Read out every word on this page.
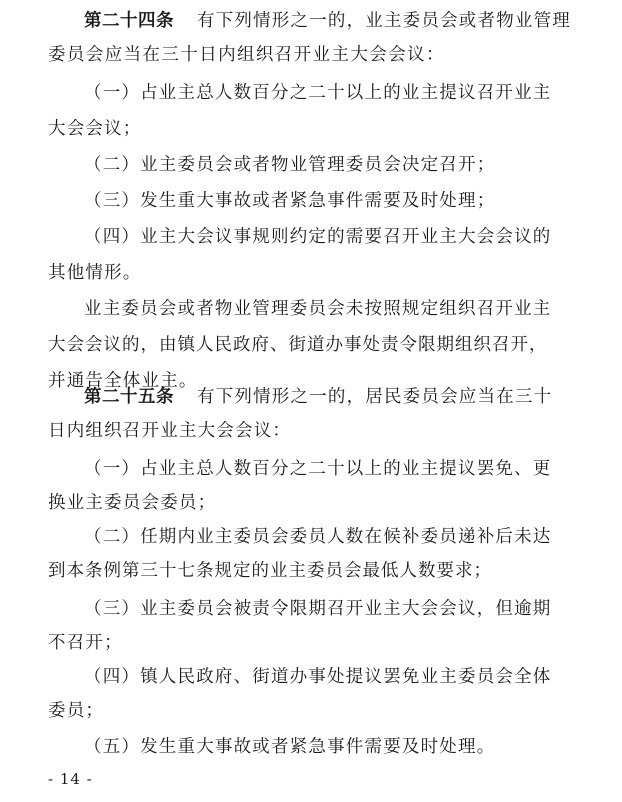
第二十四条 有下列情形之一的，业主委员会或者物业管理
委员会应当在三十日内组织召开业主大会会议：
（一）占业主总人数百分之二十以上的业主提议召开业主
大会会议；
（二）业主委员会或者物业管理委员会决定召开；
（三）发生重大事故或者紧急事件需要及时处理；
（四）业主大会议事规则约定的需要召开业主大会会议的
其他情形。
业主委员会或者物业管理委员会未按照规定组织召开业主
大会会议的，由镇人民政府、街道办事处责令限期组织召开，
并通告全体业主。
第二十五条 有下列情形之一的，居民委员会应当在三十
日内组织召开业主大会会议：
（一）占业主总人数百分之二十以上的业主提议罢免、更
换业主委员会委员；
（二）任期内业主委员会委员人数在候补委员递补后未达
到本条例第三十七条规定的业主委员会最低人数要求；
（三）业主委员会被责令限期召开业主大会会议，但逾期
不召开；
（四）镇人民政府、街道办事处提议罢免业主委员会全体
委员；
- 14 -
（五）发生重大事故或者紧急事件需要及时处理。
